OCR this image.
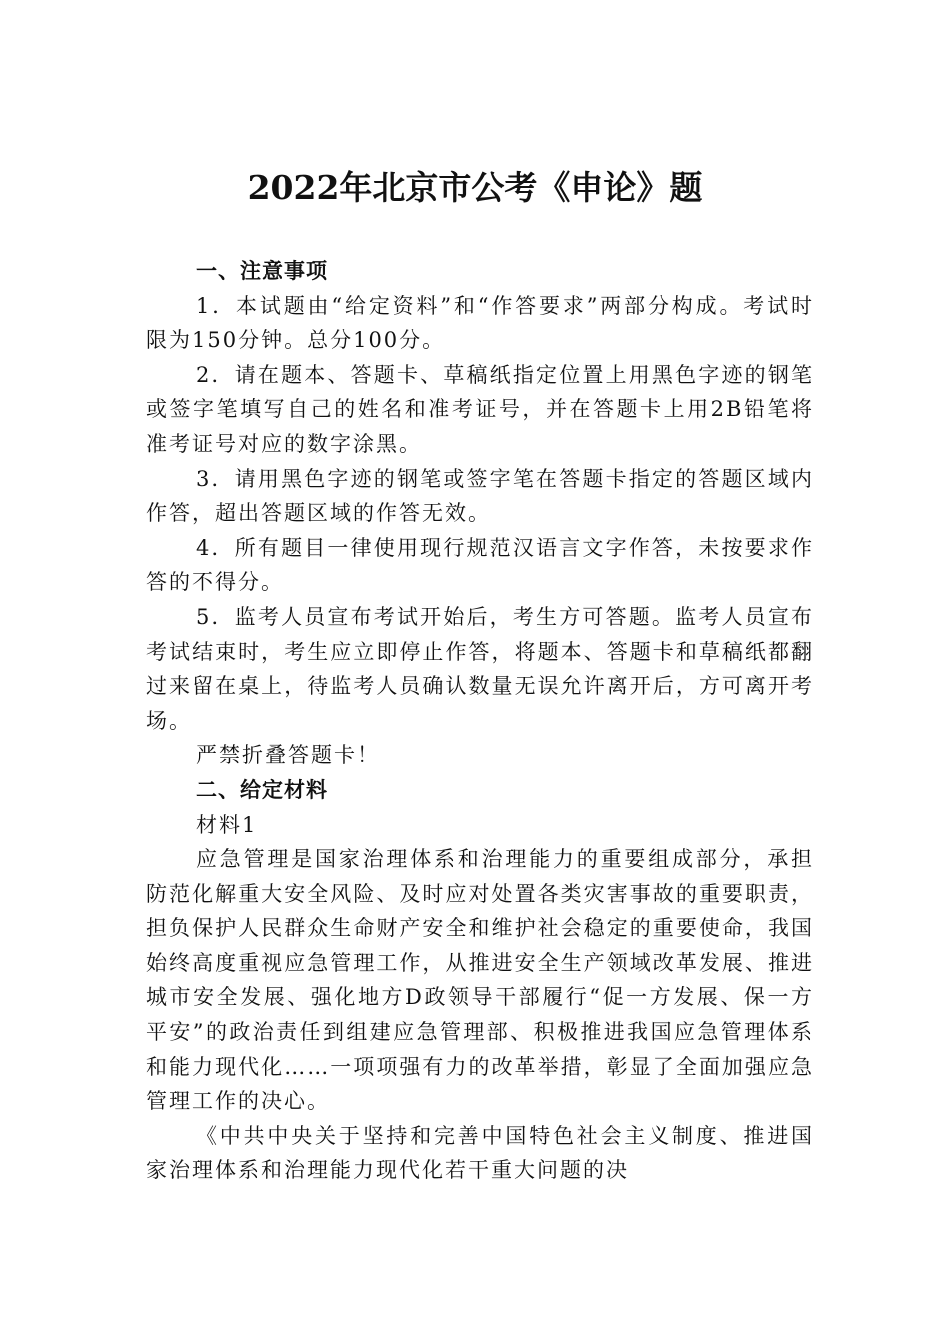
2022年北京市公考《申论》题

一、注意事项

1．本试题由“给定资料”和“作答要求”两部分构成。考试时限为150分钟。总分100分。

2．请在题本、答题卡、草稿纸指定位置上用黑色字迹的钢笔或签字笔填写自己的姓名和准考证号，并在答题卡上用2B铅笔将准考证号对应的数字涂黑。

3．请用黑色字迹的钢笔或签字笔在答题卡指定的答题区域内作答，超出答题区域的作答无效。

4．所有题目一律使用现行规范汉语言文字作答，未按要求作答的不得分。

5．监考人员宣布考试开始后，考生方可答题。监考人员宣布考试结束时，考生应立即停止作答，将题本、答题卡和草稿纸都翻过来留在桌上，待监考人员确认数量无误允许离开后，方可离开考场。

严禁折叠答题卡！

二、给定材料

材料1

应急管理是国家治理体系和治理能力的重要组成部分，承担防范化解重大安全风险、及时应对处置各类灾害事故的重要职责，担负保护人民群众生命财产安全和维护社会稳定的重要使命，我国始终高度重视应急管理工作，从推进安全生产领域改革发展、推进城市安全发展、强化地方D政领导干部履行“促一方发展、保一方平安”的政治责任到组建应急管理部、积极推进我国应急管理体系和能力现代化……一项项强有力的改革举措，彰显了全面加强应急管理工作的决心。

《中共中央关于坚持和完善中国特色社会主义制度、推进国家治理体系和治理能力现代化若干重大问题的决
